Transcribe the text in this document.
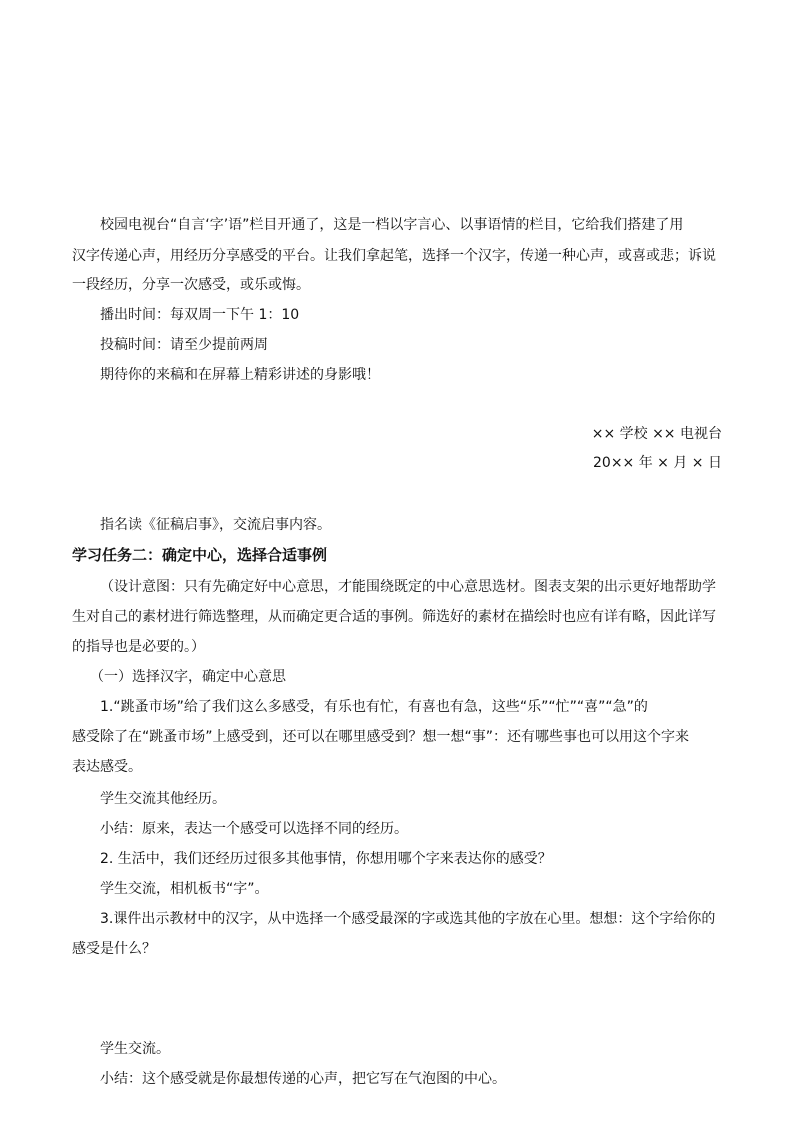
校园电视台“自言‘字’语”栏目开通了，这是一档以字言心、以事语情的栏目，它给我们搭建了用
汉字传递心声，用经历分享感受的平台。让我们拿起笔，选择一个汉字，传递一种心声，或喜或悲；诉说
一段经历，分享一次感受，或乐或悔。
播出时间：每双周一下午 1：10
投稿时间：请至少提前两周
期待你的来稿和在屏幕上精彩讲述的身影哦！
×× 学校 ×× 电视台
20×× 年 × 月 × 日
指名读《征稿启事》，交流启事内容。
学习任务二：确定中心，选择合适事例
（设计意图：只有先确定好中心意思，才能围绕既定的中心意思选材。图表支架的出示更好地帮助学
生对自己的素材进行筛选整理，从而确定更合适的事例。筛选好的素材在描绘时也应有详有略，因此详写
的指导也是必要的。）
（一）选择汉字，确定中心意思
1.“跳蚤市场”给了我们这么多感受，有乐也有忙，有喜也有急，这些“乐”“忙”“喜”“急”的
感受除了在“跳蚤市场”上感受到，还可以在哪里感受到？想一想“事”：还有哪些事也可以用这个字来
表达感受。
学生交流其他经历。
小结：原来，表达一个感受可以选择不同的经历。
2. 生活中，我们还经历过很多其他事情，你想用哪个字来表达你的感受？
学生交流，相机板书“字”。
3.课件出示教材中的汉字，从中选择一个感受最深的字或选其他的字放在心里。想想：这个字给你的
感受是什么？
学生交流。
小结：这个感受就是你最想传递的心声，把它写在气泡图的中心。
